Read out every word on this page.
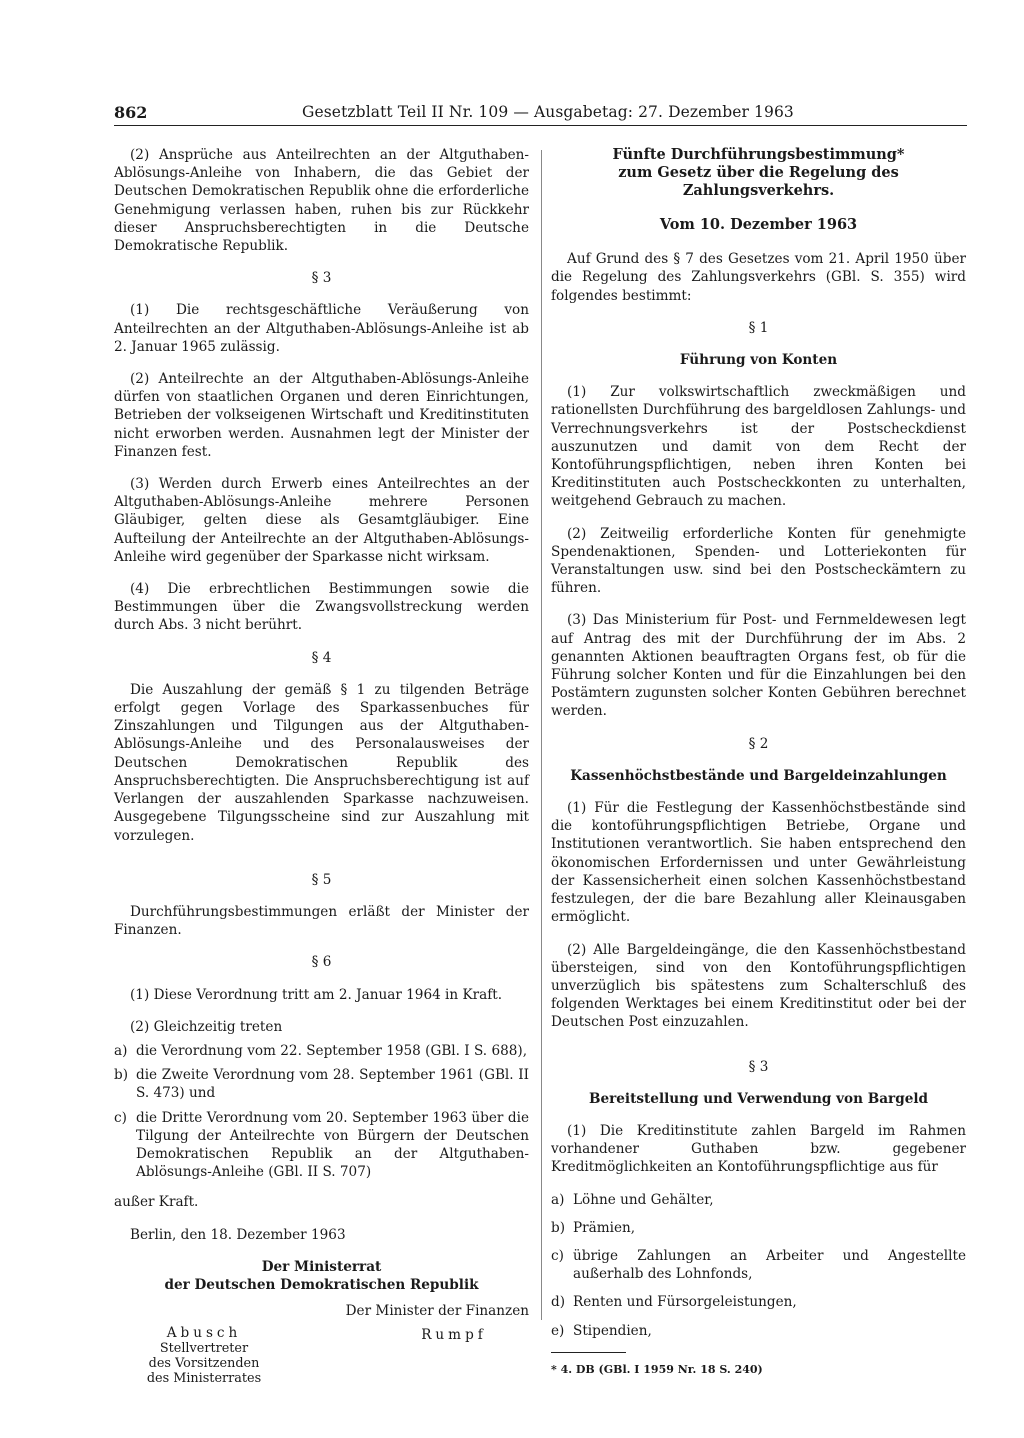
862	Gesetzblatt Teil II Nr. 109 — Ausgabetag: 27. Dezember 1963

(2) Ansprüche aus Anteilrechten an der Altguthaben-Ablösungs-Anleihe von Inhabern, die das Gebiet der Deutschen Demokratischen Republik ohne die erforderliche Genehmigung verlassen haben, ruhen bis zur Rückkehr dieser Anspruchsberechtigten in die Deutsche Demokratische Republik.

§ 3

(1) Die rechtsgeschäftliche Veräußerung von Anteilrechten an der Altguthaben-Ablösungs-Anleihe ist ab 2. Januar 1965 zulässig.

(2) Anteilrechte an der Altguthaben-Ablösungs-Anleihe dürfen von staatlichen Organen und deren Einrichtungen, Betrieben der volkseigenen Wirtschaft und Kreditinstituten nicht erworben werden. Ausnahmen legt der Minister der Finanzen fest.

(3) Werden durch Erwerb eines Anteilrechtes an der Altguthaben-Ablösungs-Anleihe mehrere Personen Gläubiger, gelten diese als Gesamtgläubiger. Eine Aufteilung der Anteilrechte an der Altguthaben-Ablösungs-Anleihe wird gegenüber der Sparkasse nicht wirksam.

(4) Die erbrechtlichen Bestimmungen sowie die Bestimmungen über die Zwangsvollstreckung werden durch Abs. 3 nicht berührt.

§ 4

Die Auszahlung der gemäß § 1 zu tilgenden Beträge erfolgt gegen Vorlage des Sparkassenbuches für Zinszahlungen und Tilgungen aus der Altguthaben-Ablösungs-Anleihe und des Personalausweises der Deutschen Demokratischen Republik des Anspruchsberechtigten. Die Anspruchsberechtigung ist auf Verlangen der auszahlenden Sparkasse nachzuweisen. Ausgegebene Tilgungsscheine sind zur Auszahlung mit vorzulegen.

§ 5

Durchführungsbestimmungen erläßt der Minister der Finanzen.

§ 6

(1) Diese Verordnung tritt am 2. Januar 1964 in Kraft.

(2) Gleichzeitig treten

a) die Verordnung vom 22. September 1958 (GBl. I S. 688),
b) die Zweite Verordnung vom 28. September 1961 (GBl. II S. 473) und
c) die Dritte Verordnung vom 20. September 1963 über die Tilgung der Anteilrechte von Bürgern der Deutschen Demokratischen Republik an der Altguthaben-Ablösungs-Anleihe (GBl. II S. 707)

außer Kraft.

Berlin, den 18. Dezember 1963

Der Ministerrat
der Deutschen Demokratischen Republik
Der Minister der Finanzen
Abusch
Stellvertreter
des Vorsitzenden
des Ministerrates
Rumpf
Fünfte Durchführungsbestimmung*
zum Gesetz über die Regelung des Zahlungsverkehrs.
Vom 10. Dezember 1963

Auf Grund des § 7 des Gesetzes vom 21. April 1950 über die Regelung des Zahlungsverkehrs (GBl. S. 355) wird folgendes bestimmt:

§ 1
Führung von Konten

(1) Zur volkswirtschaftlich zweckmäßigen und rationellsten Durchführung des bargeldlosen Zahlungs- und Verrechnungsverkehrs ist der Postscheckdienst auszunutzen und damit von dem Recht der Kontoführungspflichtigen, neben ihren Konten bei Kreditinstituten auch Postscheckkonten zu unterhalten, weitgehend Gebrauch zu machen.

(2) Zeitweilig erforderliche Konten für genehmigte Spendenaktionen, Spenden- und Lotteriekonten für Veranstaltungen usw. sind bei den Postscheckämtern zu führen.

(3) Das Ministerium für Post- und Fernmeldewesen legt auf Antrag des mit der Durchführung der im Abs. 2 genannten Aktionen beauftragten Organs fest, ob für die Führung solcher Konten und für die Einzahlungen bei den Postämtern zugunsten solcher Konten Gebühren berechnet werden.

§ 2
Kassenhöchstbestände und Bargeldeinzahlungen

(1) Für die Festlegung der Kassenhöchstbestände sind die kontoführungspflichtigen Betriebe, Organe und Institutionen verantwortlich. Sie haben entsprechend den ökonomischen Erfordernissen und unter Gewährleistung der Kassensicherheit einen solchen Kassenhöchstbestand festzulegen, der die bare Bezahlung aller Kleinausgaben ermöglicht.

(2) Alle Bargeldeingänge, die den Kassenhöchstbestand übersteigen, sind von den Kontoführungspflichtigen unverzüglich bis spätestens zum Schalterschluß des folgenden Werktages bei einem Kreditinstitut oder bei der Deutschen Post einzuzahlen.

§ 3
Bereitstellung und Verwendung von Bargeld

(1) Die Kreditinstitute zahlen Bargeld im Rahmen vorhandener Guthaben bzw. gegebener Kreditmöglichkeiten an Kontoführungspflichtige aus für

a) Löhne und Gehälter,
b) Prämien,
c) übrige Zahlungen an Arbeiter und Angestellte außerhalb des Lohnfonds,
d) Renten und Fürsorgeleistungen,
e) Stipendien,
* 4. DB (GBl. I 1959 Nr. 18 S. 240)
